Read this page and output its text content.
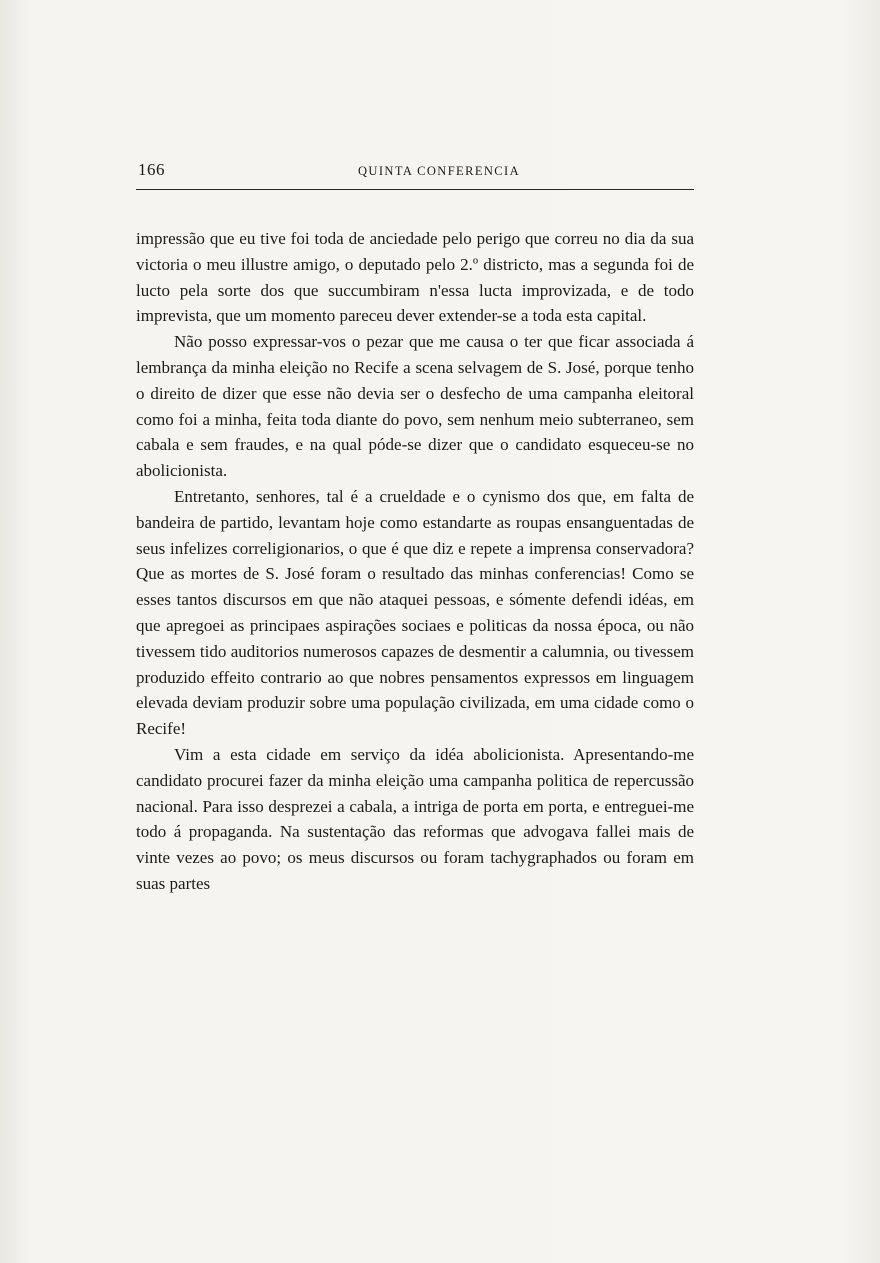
166	QUINTA CONFERENCIA

impressão que eu tive foi toda de anciedade pelo perigo que correu no dia da sua victoria o meu illustre amigo, o deputado pelo 2.º districto, mas a segunda foi de lucto pela sorte dos que succumbiram n'essa lucta improvizada, e de todo imprevista, que um momento pareceu dever extender-se a toda esta capital.

Não posso expressar-vos o pezar que me causa o ter que ficar associada á lembrança da minha eleição no Recife a scena selvagem de S. José, porque tenho o direito de dizer que esse não devia ser o desfecho de uma campanha eleitoral como foi a minha, feita toda diante do povo, sem nenhum meio subterraneo, sem cabala e sem fraudes, e na qual póde-se dizer que o candidato esqueceu-se no abolicionista.

Entretanto, senhores, tal é a crueldade e o cynismo dos que, em falta de bandeira de partido, levantam hoje como estandarte as roupas ensanguentadas de seus infelizes correligionarios, o que é que diz e repete a imprensa conservadora? Que as mortes de S. José foram o resultado das minhas conferencias! Como se esses tantos discursos em que não ataquei pessoas, e sómente defendi idéas, em que apregoei as principaes aspirações sociaes e politicas da nossa época, ou não tivessem tido auditorios numerosos capazes de desmentir a calumnia, ou tivessem produzido effeito contrario ao que nobres pensamentos expressos em linguagem elevada deviam produzir sobre uma população civilizada, em uma cidade como o Recife!

Vim a esta cidade em serviço da idéa abolicionista. Apresentando-me candidato procurei fazer da minha eleição uma campanha politica de repercussão nacional. Para isso desprezei a cabala, a intriga de porta em porta, e entreguei-me todo á propaganda. Na sustentação das reformas que advogava fallei mais de vinte vezes ao povo; os meus discursos ou foram tachygraphados ou foram em suas partes
